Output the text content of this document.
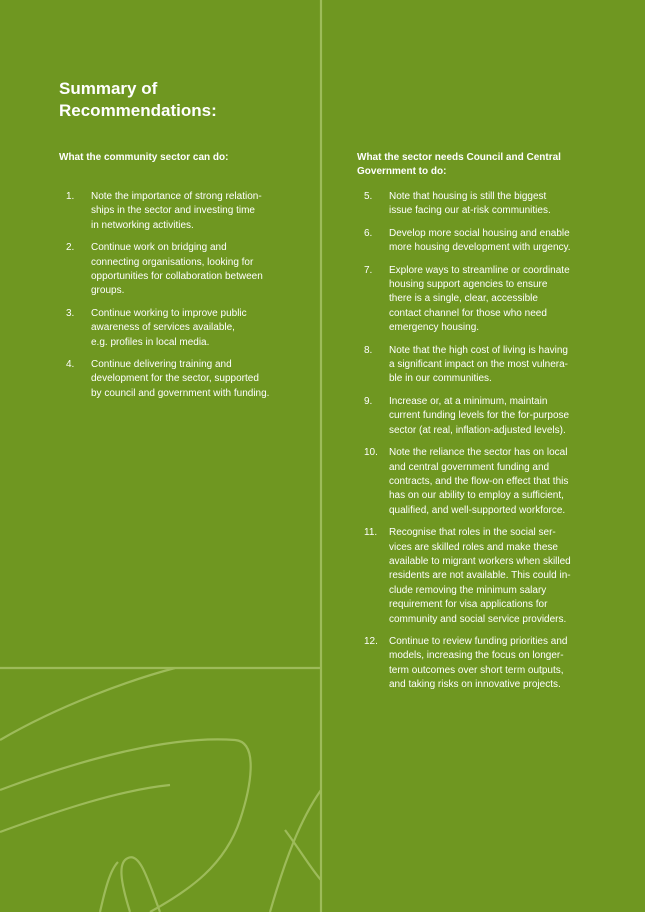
Summary of
Recommendations:
What the community sector can do:	What the sector needs Council and Central
Government to do:
1. Note the importance of strong relation-
ships in the sector and investing time
in networking activities.
2. Continue work on bridging and
connecting organisations, looking for
opportunities for collaboration between
groups.
3. Continue working to improve public
awareness of services available,
e.g. profiles in local media.
4. Continue delivering training and
development for the sector, supported
by council and government with funding.
5. Note that housing is still the biggest
issue facing our at-risk communities.
6. Develop more social housing and enable
more housing development with urgency.
7. Explore ways to streamline or coordinate
housing support agencies to ensure
there is a single, clear, accessible
contact channel for those who need
emergency housing.
8. Note that the high cost of living is having
a significant impact on the most vulnera-
ble in our communities.
9. Increase or, at a minimum, maintain
current funding levels for the for-purpose
sector (at real, inflation-adjusted levels).
10. Note the reliance the sector has on local
and central government funding and
contracts, and the flow-on effect that this
has on our ability to employ a sufficient,
qualified, and well-supported workforce.
11. Recognise that roles in the social ser-
vices are skilled roles and make these
available to migrant workers when skilled
residents are not available. This could in-
clude removing the minimum salary
requirement for visa applications for
community and social service providers.
12. Continue to review funding priorities and
models, increasing the focus on longer-
term outcomes over short term outputs,
and taking risks on innovative projects.
